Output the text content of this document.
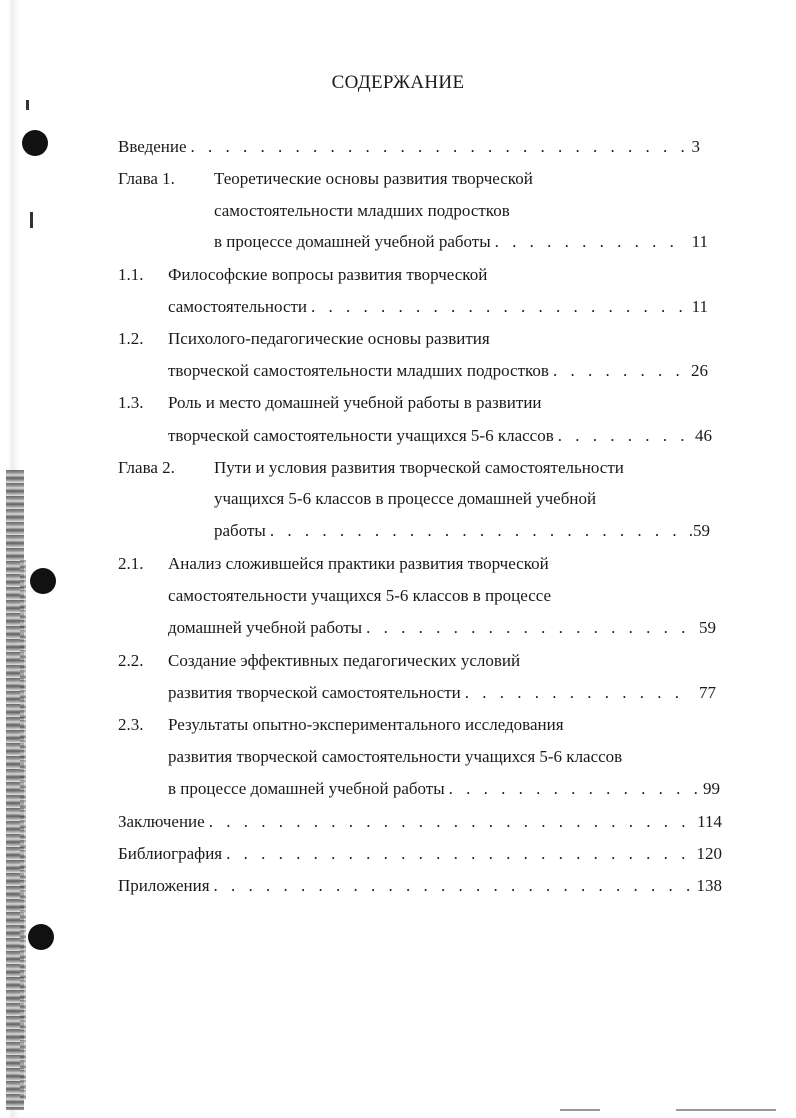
СОДЕРЖАНИЕ
Введение . . .	3
Глава 1. Теоретические основы развития творческой
самостоятельности младших подростков
в процессе домашней учебной работы . . .	11
1.1. Философские вопросы развития творческой
самостоятельности . . .	11
1.2. Психолого-педагогические основы развития
творческой самостоятельности младших подростков . . .	26
1.3. Роль и место домашней учебной работы в развитии
творческой самостоятельности учащихся 5-6 классов . . .	46
Глава 2. Пути и условия развития творческой самостоятельности
учащихся 5-6 классов в процессе домашней учебной
работы . . .	.59
2.1. Анализ сложившейся практики развития творческой
самостоятельности учащихся 5-6 классов в процессе
домашней учебной работы . . .	59
2.2. Создание эффективных педагогических условий
развития творческой самостоятельности . . .	77
2.3. Результаты опытно-экспериментального исследования
развития творческой самостоятельности учащихся 5-6 классов
в процессе домашней учебной работы . . .	99
Заключение . . .	114
Библиография . . .	120
Приложения . . .	138
